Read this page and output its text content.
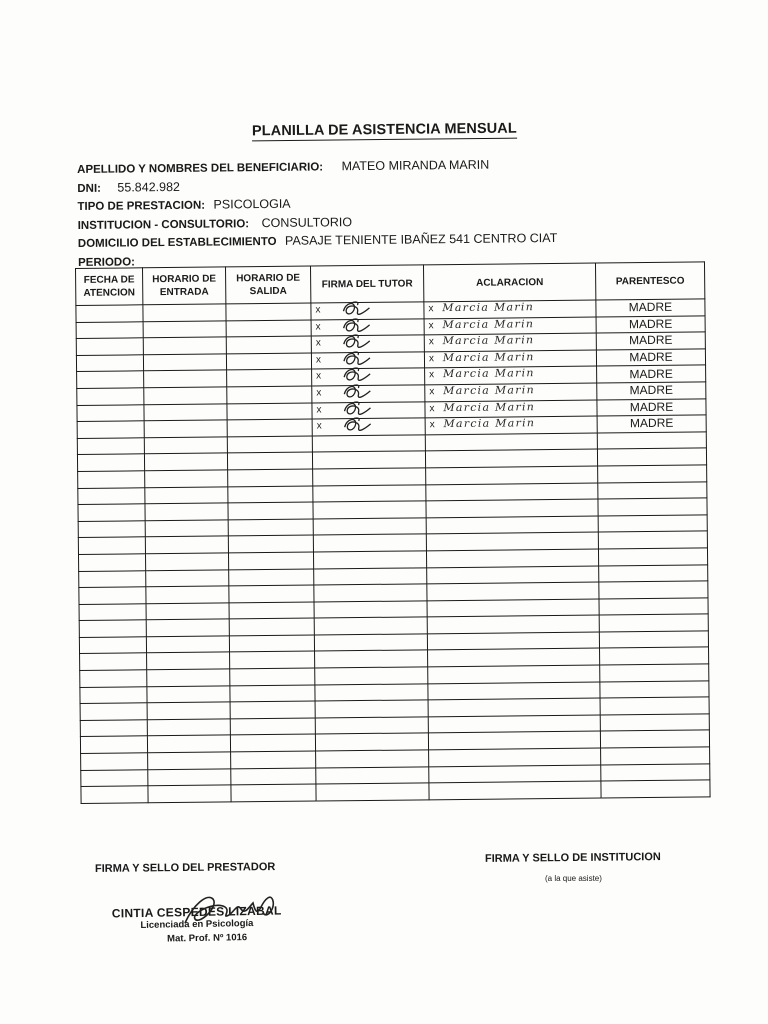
PLANILLA DE ASISTENCIA MENSUAL
APELLIDO Y NOMBRES DEL BENEFICIARIO: MATEO MIRANDA MARIN
DNI: 55.842.982
TIPO DE PRESTACION: PSICOLOGIA
INSTITUCION - CONSULTORIO: CONSULTORIO
DOMICILIO DEL ESTABLECIMIENTO PASAJE TENIENTE IBAÑEZ 541 CENTRO CIAT
PERIODO:
FECHA DE ATENCION	HORARIO DE ENTRADA	HORARIO DE SALIDA	FIRMA DEL TUTOR	ACLARACION	PARENTESCO

			x	x Marcia Marin	MADRE

			x	x Marcia Marin	MADRE

			x	x Marcia Marin	MADRE

			x	x Marcia Marin	MADRE

			x	x Marcia Marin	MADRE

			x	x Marcia Marin	MADRE

			x	x Marcia Marin	MADRE

			x	x Marcia Marin	MADRE

FIRMA Y SELLO DEL PRESTADOR
FIRMA Y SELLO DE INSTITUCION
(a la que asiste)
CINTIA CESPEDES LIZABAL
Licenciada en Psicología
Mat. Prof. Nº 1016
